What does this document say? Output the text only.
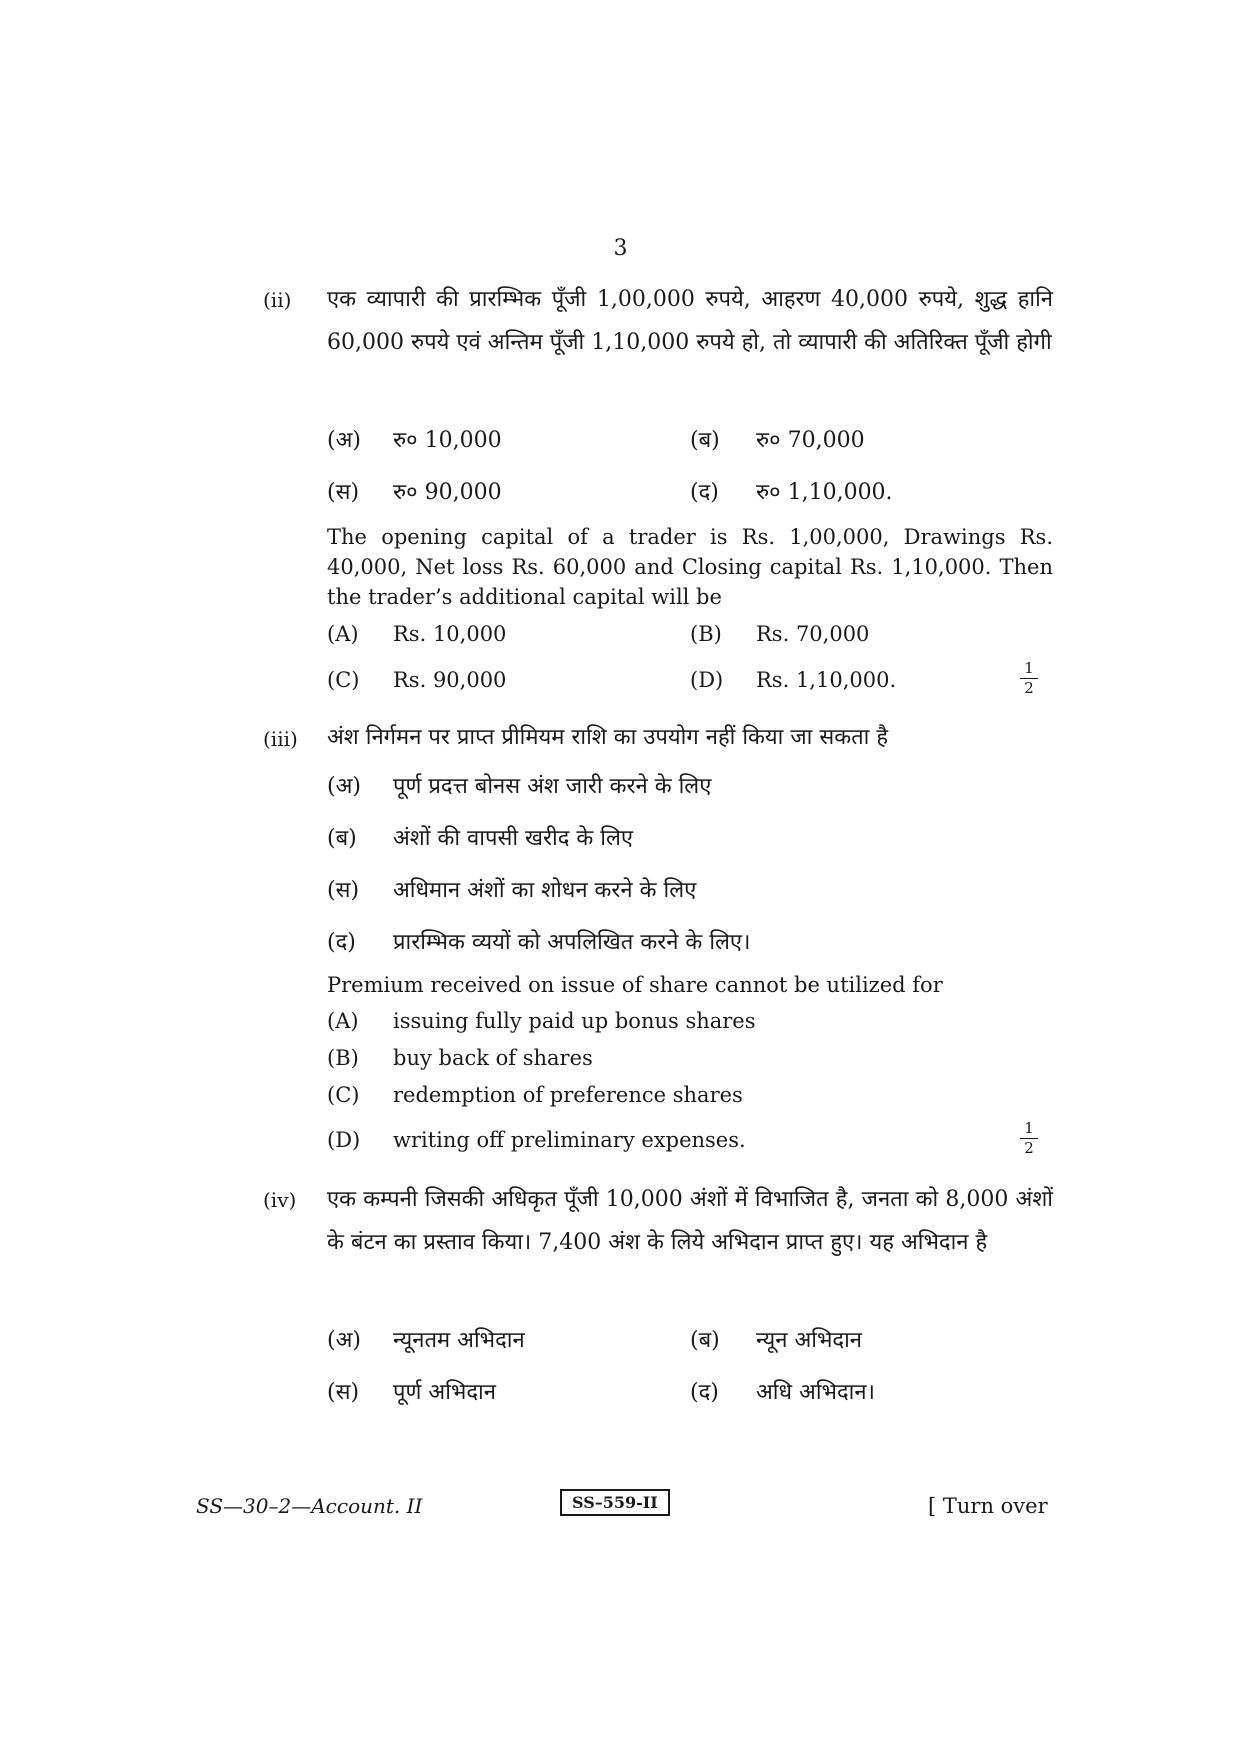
3
(ii) एक व्यापारी की प्रारम्भिक पूँजी 1,00,000 रुपये, आहरण 40,000 रुपये, शुद्ध हानि 60,000 रुपये एवं अन्तिम पूँजी 1,10,000 रुपये हो, तो व्यापारी की अतिरिक्त पूँजी होगी
(अ) रु० 10,000	(ब) रु० 70,000
(स) रु० 90,000	(द) रु० 1,10,000.
The opening capital of a trader is Rs. 1,00,000, Drawings Rs. 40,000, Net loss Rs. 60,000 and Closing capital Rs. 1,10,000. Then the trader’s additional capital will be
(A) Rs. 10,000	(B) Rs. 70,000
(C) Rs. 90,000	(D) Rs. 1,10,000.	1
2
(iii) अंश निर्गमन पर प्राप्त प्रीमियम राशि का उपयोग नहीं किया जा सकता है
(अ) पूर्ण प्रदत्त बोनस अंश जारी करने के लिए
(ब) अंशों की वापसी खरीद के लिए
(स) अधिमान अंशों का शोधन करने के लिए
(द) प्रारम्भिक व्ययों को अपलिखित करने के लिए।
Premium received on issue of share cannot be utilized for
(A) issuing fully paid up bonus shares
(B) buy back of shares
(C) redemption of preference shares
(D) writing off preliminary expenses.	1
2
(iv) एक कम्पनी जिसकी अधिकृत पूँजी 10,000 अंशों में विभाजित है, जनता को 8,000 अंशों के बंटन का प्रस्ताव किया। 7,400 अंश के लिये अभिदान प्राप्त हुए। यह अभिदान है
(अ) न्यूनतम अभिदान	(ब) न्यून अभिदान
(स) पूर्ण अभिदान	(द) अधि अभिदान।
SS—30–2—Account. II	SS–559-II	[ Turn over
